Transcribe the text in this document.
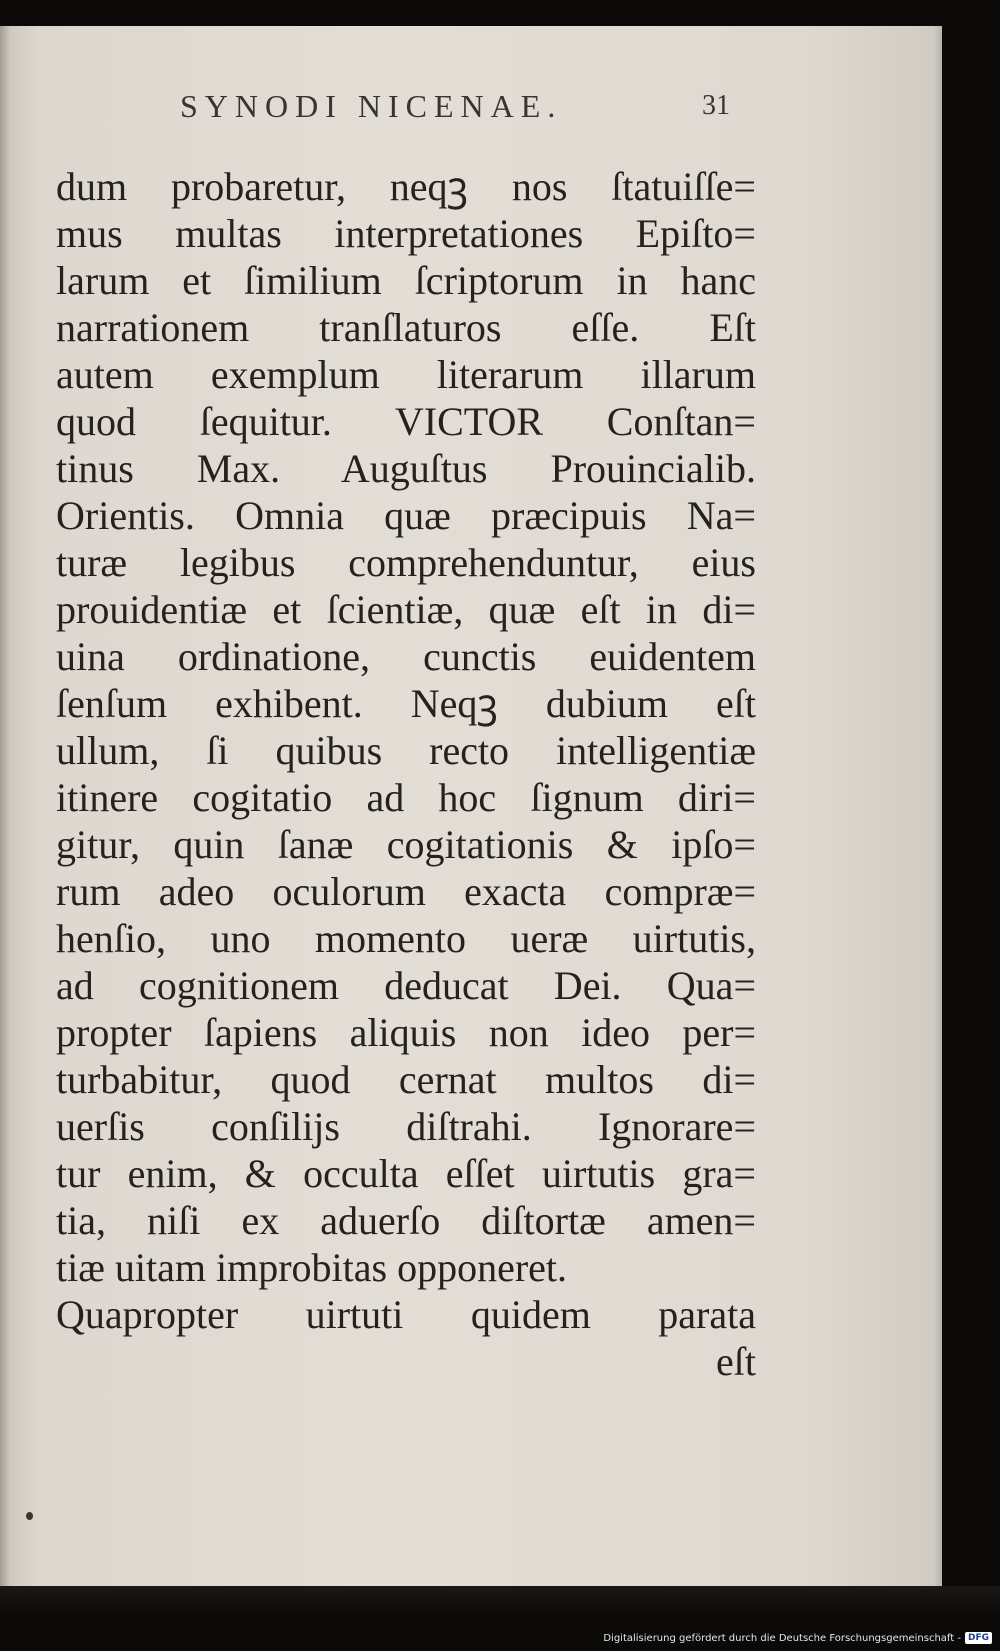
SYNODI NICENAE.	31
dum probaretur, neqꝫ nos ſtatuiſſe=
mus multas interpretationes Epiſto=
larum et ſimilium ſcriptorum in hanc
narrationem tranſlaturos eſſe. Eſt
autem exemplum literarum illarum
quod ſequitur. VICTOR Conſtan=
tinus Max. Auguſtus Prouincialib.
Orientis. Omnia quæ præcipuis Na=
turæ legibus comprehenduntur, eius
prouidentiæ et ſcientiæ, quæ eſt in di=
uina ordinatione, cunctis euidentem
ſenſum exhibent. Neqꝫ dubium eſt
ullum, ſi quibus recto intelligentiæ
itinere cogitatio ad hoc ſignum diri=
gitur, quin ſanæ cogitationis & ipſo=
rum adeo oculorum exacta compræ=
henſio, uno momento ueræ uirtutis,
ad cognitionem deducat Dei. Qua=
propter ſapiens aliquis non ideo per=
turbabitur, quod cernat multos di=
uerſis conſilijs diſtrahi. Ignorare=
tur enim, & occulta eſſet uirtutis gra=
tia, niſi ex aduerſo diſtortæ amen=
tiæ uitam improbitas opponeret.
Quapropter uirtuti quidem parata
eſt
Digitalisierung gefördert durch die Deutsche Forschungsgemeinschaft - DFG
